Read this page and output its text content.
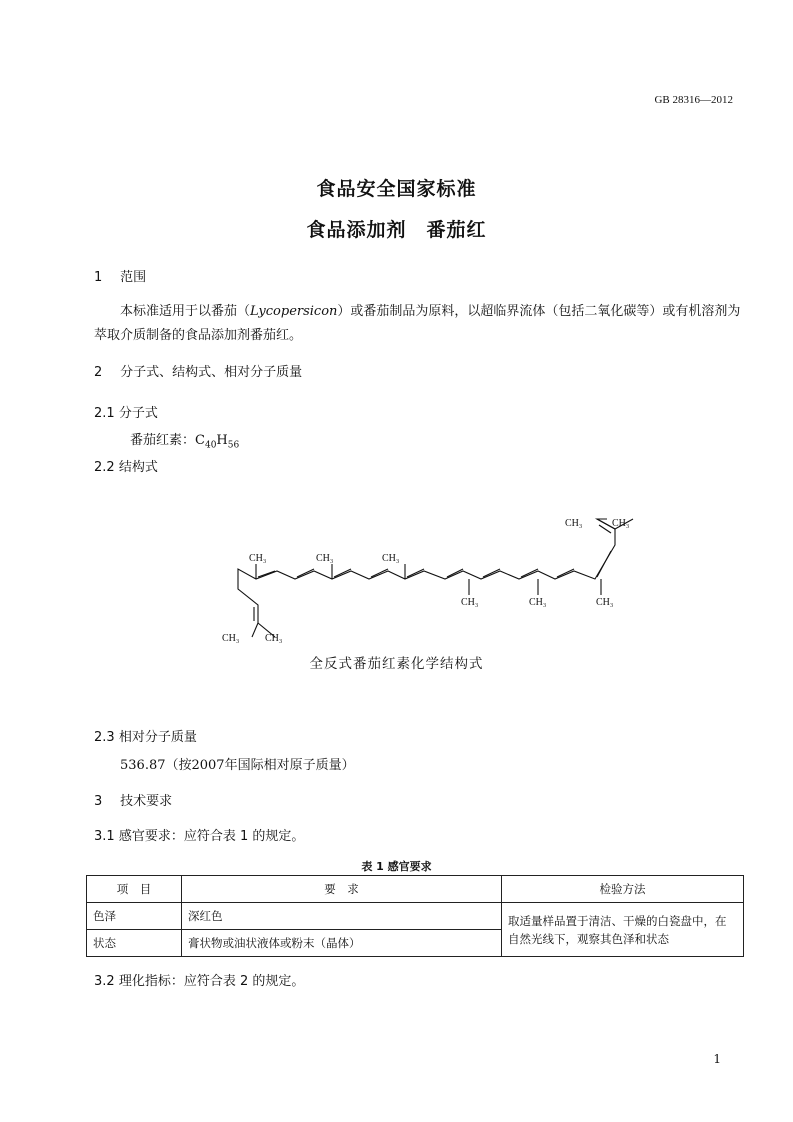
GB 28316—2012
食品安全国家标准
食品添加剂　番茄红
1 范围
本标准适用于以番茄（Lycopersicon）或番茄制品为原料，以超临界流体（包括二氧化碳等）或有机溶剂为萃取介质制备的食品添加剂番茄红。
2 分子式、结构式、相对分子质量
2.1 分子式
番茄红素：$C_{40}H_{56}$
2.2 结构式
CH₃	CH₃
CH₃	CH₃	CH₃
CH₃	CH₃	CH₃
CH₃	CH₃
全反式番茄红素化学结构式
2.3 相对分子质量
536.87（按2007年国际相对原子质量）
3 技术要求
3.1 感官要求：应符合表 1 的规定。
表 1 感官要求
项　目	要　求	检验方法
色泽	深红色	取适量样品置于清洁、干燥的白瓷盘中，在自然光线下，观察其色泽和状态
状态	膏状物或油状液体或粉末（晶体）	
3.2 理化指标：应符合表 2 的规定。
1
